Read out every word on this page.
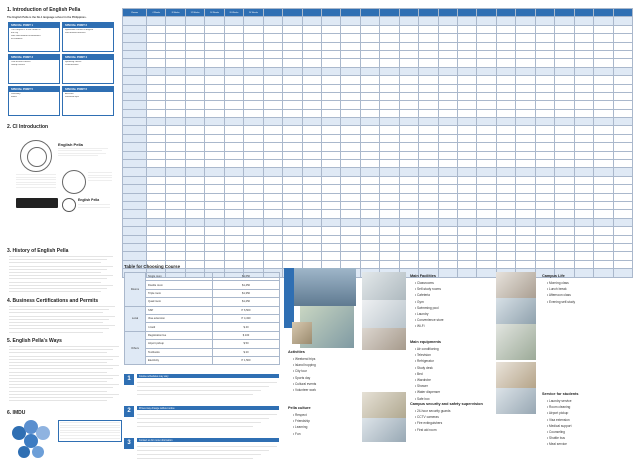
1. Introduction of English Pella
The English Pella is the No.1 language school in the Philippines.
SPECIAL POINT 1
The campus is in the center of
the city
Safe and modern environment
for students
SPECIAL POINT 2
Systematic course of English
Well-trained teachers
SPECIAL POINT 3
One-on-one classes
Group classes
SPECIAL POINT 4
Speaking course
Pronunciation
SPECIAL POINT 5
Dormitory
Meals
SPECIAL POINT 6
Activities
Weekend trips
2. CI Introduction
English Pella
English Pella
3. History of English Pella
4. Business Certifications and Permits
5. English Pella's Ways
6. IMDU
Classes	4 Weeks	8 Weeks	12 Weeks	16 Weeks	20 Weeks	24 Weeks																			

Table for Choosing Course
Rooms	Single room	$1,650
	Double room	$1,450
	Triple room	$1,350
	Quad room	$1,250
Local	SSP	P 6,500
	Visa extension	P 4,430
	I-Card	$ 40
Others	Registration fee	$ 100
	Airport pickup	$ 50
	Textbooks	$ 20
	Electricity	P 1,500
1	Course schedules may vary
2	Prices may change without notice
3	Contact us for more information
Activities
• Weekend trips
• Island hopping
• City tour
• Sports day
• Cultural events
• Volunteer work
Pella culture
• Respect
• Friendship
• Learning
• Fun
Main Facilities
• Classrooms
• Self-study rooms
• Cafeteria
• Gym
• Swimming pool
• Laundry
• Convenience store
• Wi-Fi
Main equipments
• Air conditioning
• Television
• Refrigerator
• Study desk
• Bed
• Wardrobe
• Shower
• Water dispenser
• Safe box
Campus security and safety supervision
• 24-hour security guards
• CCTV cameras
• Fire extinguishers
• First aid room
Campus Life
• Morning class
• Lunch break
• Afternoon class
• Evening self-study
Service for students
• Laundry service
• Room cleaning
• Airport pickup
• Visa extension
• Medical support
• Counseling
• Shuttle bus
• Meal service
